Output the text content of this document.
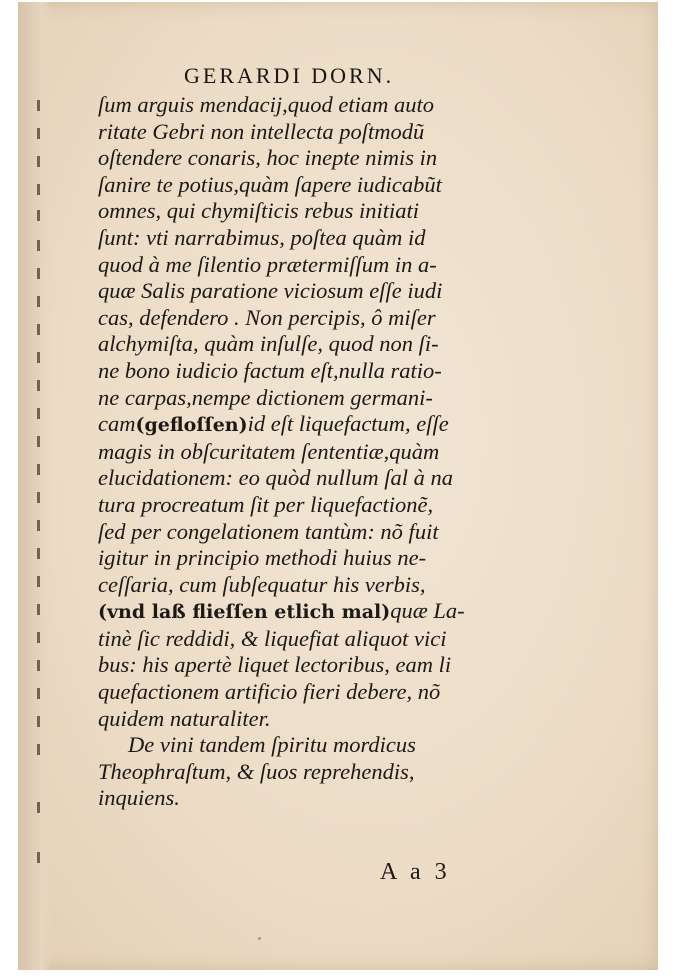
GERARDI DORN.
ſum arguis mendacij,quod etiam auto
ritate Gebri non intellecta poſtmodũ
oſtendere conaris, hoc inepte nimis in
ſanire te potius,quàm ſapere iudicabũt
omnes, qui chymiſticis rebus initiati
ſunt: vti narrabimus, poſtea quàm id
quod à me ſilentio prætermiſſum in a-
quæ Salis paratione viciosum eſſe iudi
cas, defendero . Non percipis, ô miſer
alchymiſta, quàm inſulſe, quod non ſi-
ne bono iudicio factum eſt,nulla ratio-
ne carpas,nempe dictionem germani-
cam(gefloſſen)id eſt liquefactum, eſſe
magis in obſcuritatem ſententiæ,quàm
elucidationem: eo quòd nullum ſal à na
tura procreatum ſit per liquefactionẽ,
ſed per congelationem tantùm: nõ fuit
igitur in principio methodi huius ne-
ceſſaria, cum ſubſequatur his verbis,
(vnd laß flieſſen etlich mal)quæ La-
tinè ſic reddidi, & liquefiat aliquot vici
bus: his apertè liquet lectoribus, eam li
quefactionem artificio fieri debere, nõ
quidem naturaliter.
De vini tandem ſpiritu mordicus
Theophraſtum, & ſuos reprehendis,
inquiens.
A a 3
